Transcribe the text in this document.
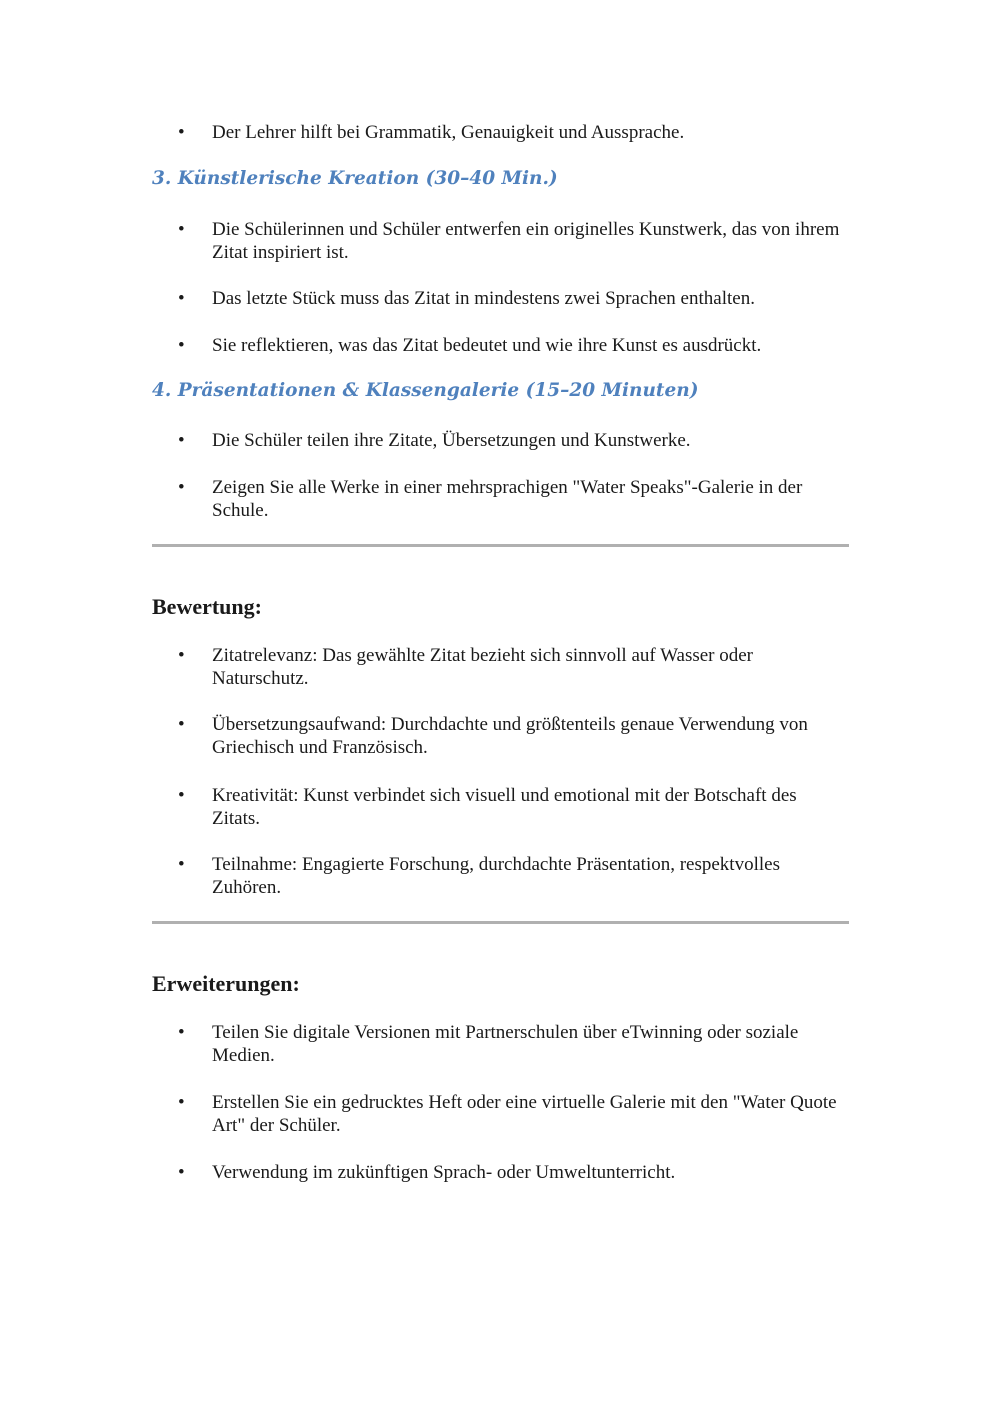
• Der Lehrer hilft bei Grammatik, Genauigkeit und Aussprache.
3. Künstlerische Kreation (30–40 Min.)
• Die Schülerinnen und Schüler entwerfen ein originelles Kunstwerk, das von ihrem Zitat inspiriert ist.
• Das letzte Stück muss das Zitat in mindestens zwei Sprachen enthalten.
• Sie reflektieren, was das Zitat bedeutet und wie ihre Kunst es ausdrückt.
4. Präsentationen & Klassengalerie (15–20 Minuten)
• Die Schüler teilen ihre Zitate, Übersetzungen und Kunstwerke.
• Zeigen Sie alle Werke in einer mehrsprachigen "Water Speaks"-Galerie in der Schule.
Bewertung:
• Zitatrelevanz: Das gewählte Zitat bezieht sich sinnvoll auf Wasser oder Naturschutz.
• Übersetzungsaufwand: Durchdachte und größtenteils genaue Verwendung von Griechisch und Französisch.
• Kreativität: Kunst verbindet sich visuell und emotional mit der Botschaft des Zitats.
• Teilnahme: Engagierte Forschung, durchdachte Präsentation, respektvolles Zuhören.
Erweiterungen:
• Teilen Sie digitale Versionen mit Partnerschulen über eTwinning oder soziale Medien.
• Erstellen Sie ein gedrucktes Heft oder eine virtuelle Galerie mit den "Water Quote Art" der Schüler.
• Verwendung im zukünftigen Sprach- oder Umweltunterricht.
